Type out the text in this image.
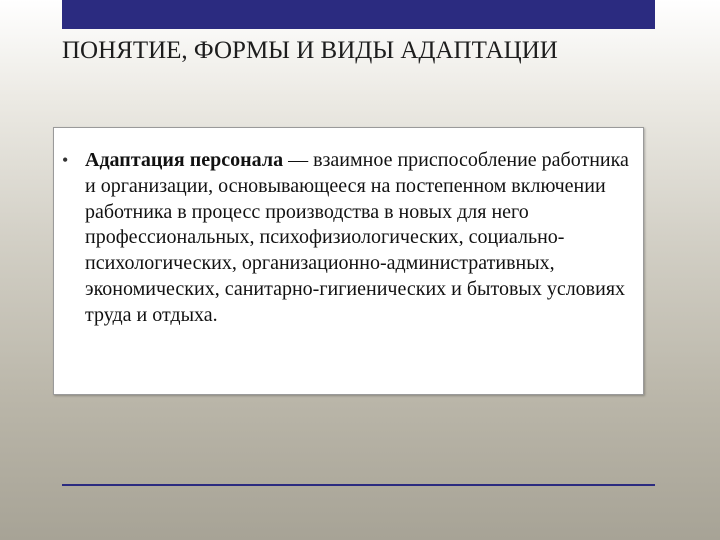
ПОНЯТИЕ, ФОРМЫ И ВИДЫ АДАПТАЦИИ
• Адаптация персонала — взаимное приспособление работника и организации, основывающееся на постепенном включении работника в процесс производства в новых для него профессиональных, психофизиологических, социально-психологических, организационно-административных, экономических, санитарно-гигиенических и бытовых условиях труда и отдыха.
